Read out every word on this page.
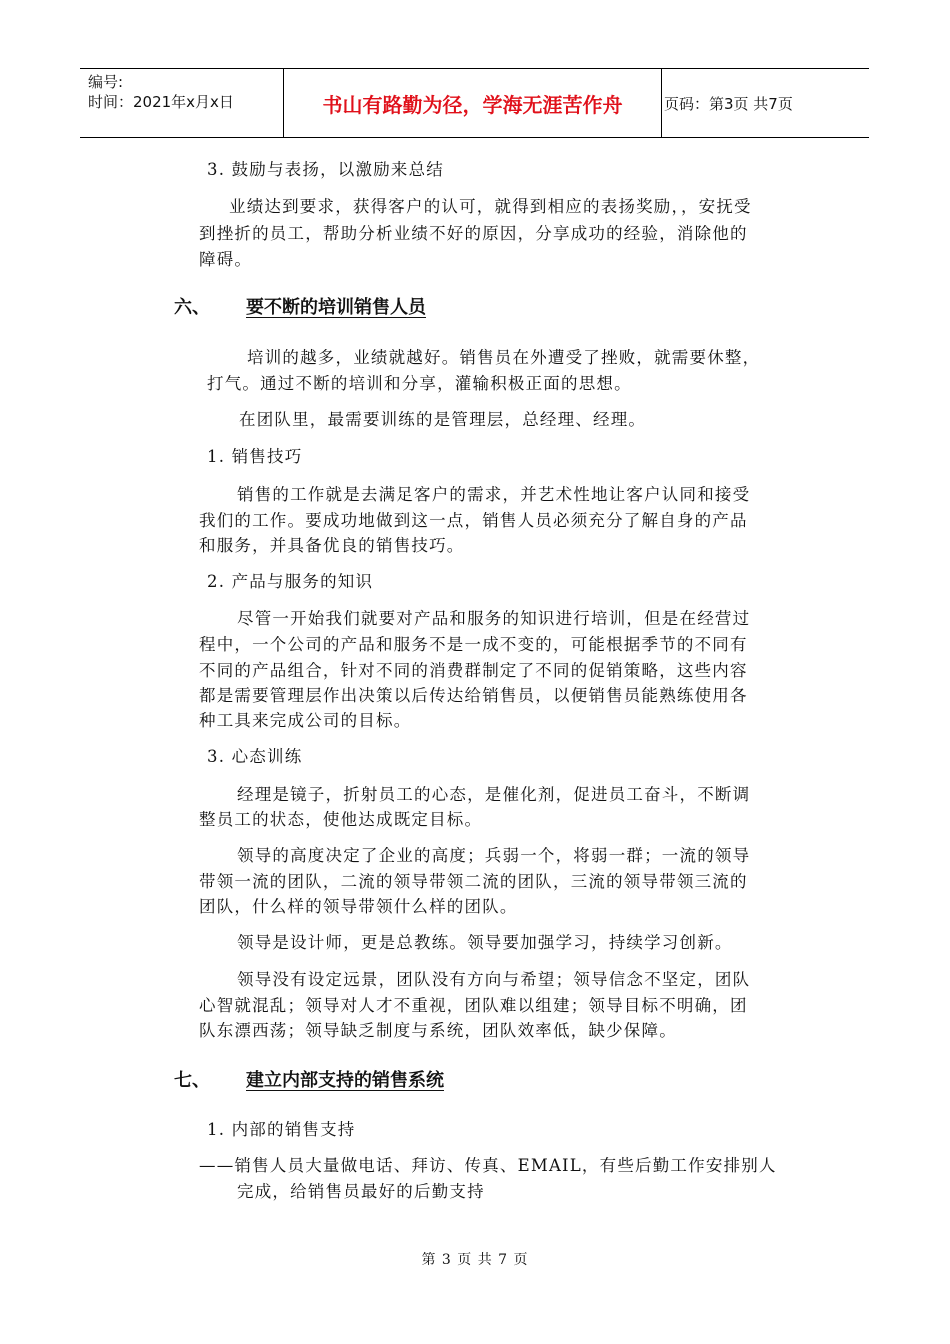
编号:
时间：2021年x月x日	书山有路勤为径，学海无涯苦作舟	页码：第3页 共7页
3. 鼓励与表扬，以激励来总结
业绩达到要求，获得客户的认可，就得到相应的表扬奖励，，安抚受
到挫折的员工，帮助分析业绩不好的原因，分享成功的经验，消除他的
障碍。
六、 要不断的培训销售人员
培训的越多，业绩就越好。销售员在外遭受了挫败，就需要休整，
打气。通过不断的培训和分享，灌输积极正面的思想。
在团队里，最需要训练的是管理层，总经理、经理。
1. 销售技巧
销售的工作就是去满足客户的需求，并艺术性地让客户认同和接受
我们的工作。要成功地做到这一点，销售人员必须充分了解自身的产品
和服务，并具备优良的销售技巧。
2. 产品与服务的知识
尽管一开始我们就要对产品和服务的知识进行培训，但是在经营过
程中，一个公司的产品和服务不是一成不变的，可能根据季节的不同有
不同的产品组合，针对不同的消费群制定了不同的促销策略，这些内容
都是需要管理层作出决策以后传达给销售员，以便销售员能熟练使用各
种工具来完成公司的目标。
3. 心态训练
经理是镜子，折射员工的心态，是催化剂，促进员工奋斗，不断调
整员工的状态，使他达成既定目标。
领导的高度决定了企业的高度；兵弱一个，将弱一群；一流的领导
带领一流的团队，二流的领导带领二流的团队，三流的领导带领三流的
团队，什么样的领导带领什么样的团队。
领导是设计师，更是总教练。领导要加强学习，持续学习创新。
领导没有设定远景，团队没有方向与希望；领导信念不坚定，团队
心智就混乱；领导对人才不重视，团队难以组建；领导目标不明确，团
队东漂西荡；领导缺乏制度与系统，团队效率低，缺少保障。
七、 建立内部支持的销售系统
1. 内部的销售支持
——销售人员大量做电话、拜访、传真、EMAIL，有些后勤工作安排别人
完成，给销售员最好的后勤支持
第 3 页 共 7 页
